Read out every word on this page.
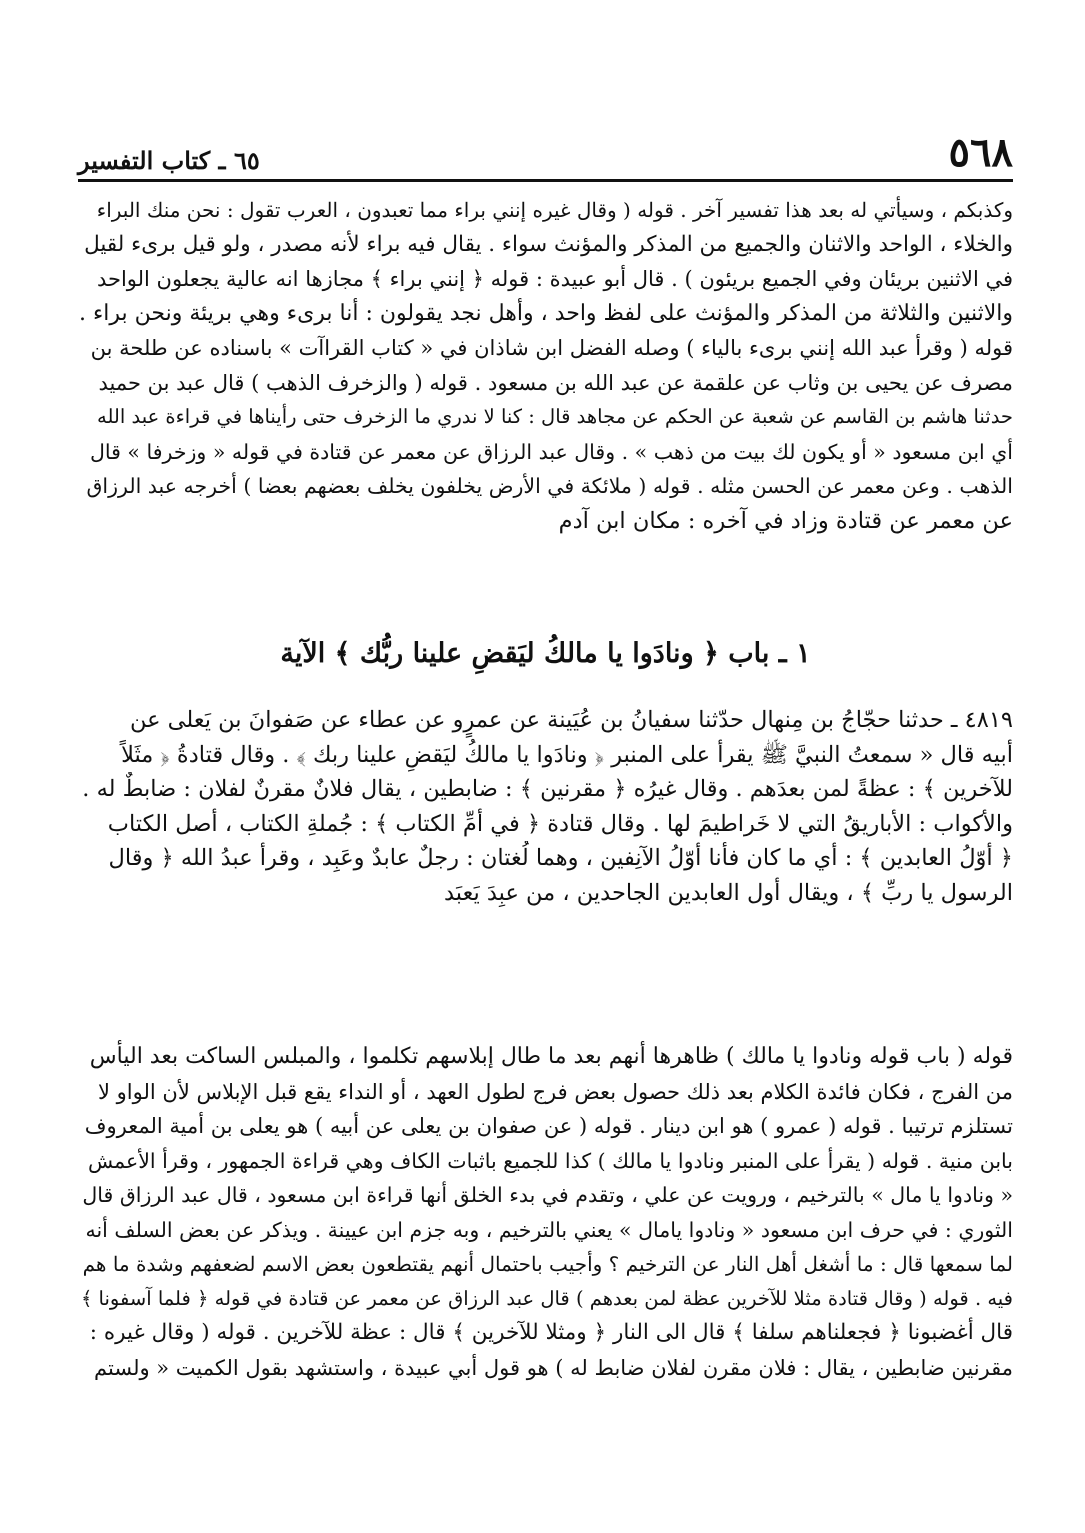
٥٦٨
٦٥ ـ كتاب التفسير
وكذبكم ، وسيأتي له بعد هذا تفسير آخر . قوله ( وقال غيره إنني براء مما تعبدون ، العرب تقول : نحن منك البراء
والخلاء ، الواحد والاثنان والجميع من المذكر والمؤنث سواء . يقال فيه براء لأنه مصدر ، ولو قيل برىء لقيل
في الاثنين بريئان وفي الجميع بريئون ) . قال أبو عبيدة : قوله ﴿ إنني براء ﴾ مجازها انه عالية يجعلون الواحد
والاثنين والثلاثة من المذكر والمؤنث على لفظ واحد ، وأهل نجد يقولون : أنا برىء وهي بريئة ونحن براء .
قوله ( وقرأ عبد الله إنني برىء بالياء ) وصله الفضل ابن شاذان في « كتاب القراآت » باسناده عن طلحة بن
مصرف عن يحيى بن وثاب عن علقمة عن عبد الله بن مسعود . قوله ( والزخرف الذهب ) قال عبد بن حميد
حدثنا هاشم بن القاسم عن شعبة عن الحكم عن مجاهد قال : كنا لا ندري ما الزخرف حتى رأيناها في قراءة عبد الله
أي ابن مسعود « أو يكون لك بيت من ذهب » . وقال عبد الرزاق عن معمر عن قتادة في قوله « وزخرفا » قال
الذهب . وعن معمر عن الحسن مثله . قوله ( ملائكة في الأرض يخلفون يخلف بعضهم بعضا ) أخرجه عبد الرزاق
عن معمر عن قتادة وزاد في آخره : مكان ابن آدم
١ ـ باب ﴿ ونادَوا يا مالكُ ليَقضِ علينا ربُّك ﴾ الآية
٤٨١٩ ـ حدثنا حجّاجُ بن مِنهال حدّثنا سفيانُ بن عُيَينة عن عمرٍو عن عطاء عن صَفوانَ بن يَعلى عن
أبيه قال « سمعتُ النبيَّ ﷺ يقرأ على المنبر ﴿ ونادَوا يا مالكُ ليَقضِ علينا ربك ﴾ . وقال قتادةُ ﴿ مثَلاً
للآخرين ﴾ : عظةً لمن بعدَهم . وقال غيرُه ﴿ مقرنين ﴾ : ضابطين ، يقال فلانٌ مقرنٌ لفلان : ضابطٌ له .
والأكواب : الأباريقُ التي لا خَراطيمَ لها . وقال قتادة ﴿ في أمِّ الكتاب ﴾ : جُملةِ الكتاب ، أصل الكتاب
﴿ أوّلُ العابدين ﴾ : أي ما كان فأنا أوّلُ الآنِفين ، وهما لُغتان : رجلٌ عابدٌ وعَبِد ، وقرأ عبدُ الله ﴿ وقال
الرسول يا ربِّ ﴾ ، ويقال أول العابدين الجاحدين ، من عبِدَ يَعبَد
قوله ( باب قوله ونادوا يا مالك ) ظاهرها أنهم بعد ما طال إبلاسهم تكلموا ، والمبلس الساكت بعد اليأس
من الفرج ، فكان فائدة الكلام بعد ذلك حصول بعض فرج لطول العهد ، أو النداء يقع قبل الإبلاس لأن الواو لا
تستلزم ترتيبا . قوله ( عمرو ) هو ابن دينار . قوله ( عن صفوان بن يعلى عن أبيه ) هو يعلى بن أمية المعروف
بابن منية . قوله ( يقرأ على المنبر ونادوا يا مالك ) كذا للجميع باثبات الكاف وهي قراءة الجمهور ، وقرأ الأعمش
« ونادوا يا مال » بالترخيم ، ورويت عن علي ، وتقدم في بدء الخلق أنها قراءة ابن مسعود ، قال عبد الرزاق قال
الثوري : في حرف ابن مسعود « ونادوا يامال » يعني بالترخيم ، وبه جزم ابن عيينة . ويذكر عن بعض السلف أنه
لما سمعها قال : ما أشغل أهل النار عن الترخيم ؟ وأجيب باحتمال أنهم يقتطعون بعض الاسم لضعفهم وشدة ما هم
فيه . قوله ( وقال قتادة مثلا للآخرين عظة لمن بعدهم ) قال عبد الرزاق عن معمر عن قتادة في قوله ﴿ فلما آسفونا ﴾
قال أغضبونا ﴿ فجعلناهم سلفا ﴾ قال الى النار ﴿ ومثلا للآخرين ﴾ قال : عظة للآخرين . قوله ( وقال غيره :
مقرنين ضابطين ، يقال : فلان مقرن لفلان ضابط له ) هو قول أبي عبيدة ، واستشهد بقول الكميت « ولستم
